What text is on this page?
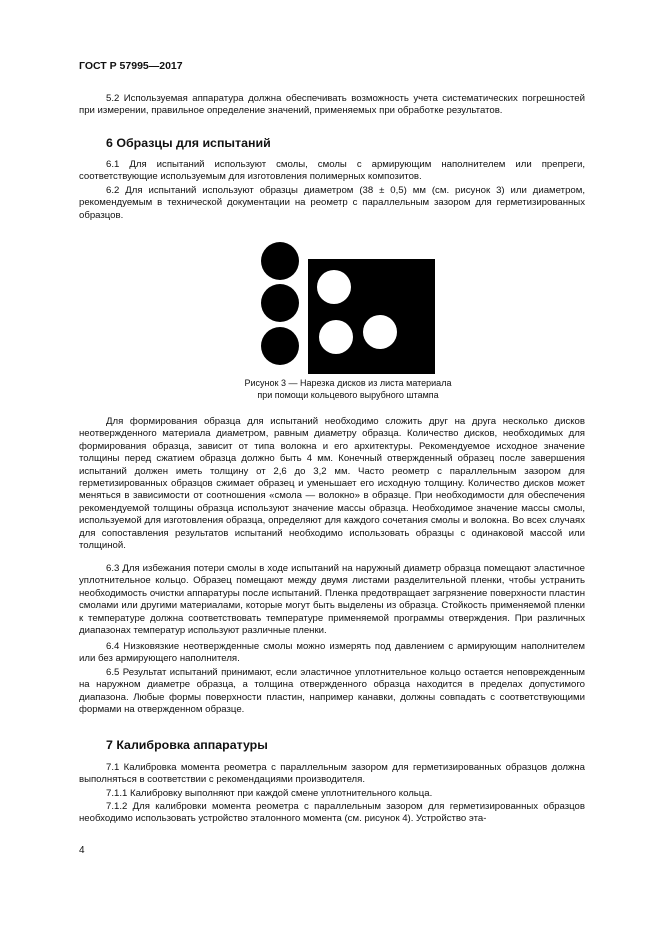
ГОСТ Р 57995—2017

5.2 Используемая аппаратура должна обеспечивать возможность учета систематических погрешностей при измерении, правильное определение значений, применяемых при обработке результатов.

6 Образцы для испытаний

6.1 Для испытаний используют смолы, смолы с армирующим наполнителем или препреги, соответствующие используемым для изготовления полимерных композитов.

6.2 Для испытаний используют образцы диаметром (38 ± 0,5) мм (см. рисунок 3) или диаметром, рекомендуемым в технической документации на реометр с параллельным зазором для герметизированных образцов.

Рисунок 3 — Нарезка дисков из листа материала
при помощи кольцевого вырубного штампа

Для формирования образца для испытаний необходимо сложить друг на друга несколько дисков неотвержденного материала диаметром, равным диаметру образца. Количество дисков, необходимых для формирования образца, зависит от типа волокна и его архитектуры. Рекомендуемое исходное значение толщины перед сжатием образца должно быть 4 мм. Конечный отвержденный образец после завершения испытаний должен иметь толщину от 2,6 до 3,2 мм. Часто реометр с параллельным зазором для герметизированных образцов сжимает образец и уменьшает его исходную толщину. Количество дисков может меняться в зависимости от соотношения «смола — волокно» в образце. При необходимости для обеспечения рекомендуемой толщины образца используют значение массы образца. Необходимое значение массы смолы, используемой для изготовления образца, определяют для каждого сочетания смолы и волокна. Во всех случаях для сопоставления результатов испытаний необходимо использовать образцы с одинаковой массой или толщиной.

6.3 Для избежания потери смолы в ходе испытаний на наружный диаметр образца помещают эластичное уплотнительное кольцо. Образец помещают между двумя листами разделительной пленки, чтобы устранить необходимость очистки аппаратуры после испытаний. Пленка предотвращает загрязнение поверхности пластин смолами или другими материалами, которые могут быть выделены из образца. Стойкость применяемой пленки к температуре должна соответствовать температуре применяемой программы отверждения. При различных диапазонах температур используют различные пленки.

6.4 Низковязкие неотвержденные смолы можно измерять под давлением с армирующим наполнителем или без армирующего наполнителя.

6.5 Результат испытаний принимают, если эластичное уплотнительное кольцо остается неповрежденным на наружном диаметре образца, а толщина отвержденного образца находится в пределах допустимого диапазона. Любые формы поверхности пластин, например канавки, должны совпадать с соответствующими формами на отвержденном образце.

7 Калибровка аппаратуры

7.1 Калибровка момента реометра с параллельным зазором для герметизированных образцов должна выполняться в соответствии с рекомендациями производителя.

7.1.1 Калибровку выполняют при каждой смене уплотнительного кольца.

7.1.2 Для калибровки момента реометра с параллельным зазором для герметизированных образцов необходимо использовать устройство эталонного момента (см. рисунок 4). Устройство эта-

4
